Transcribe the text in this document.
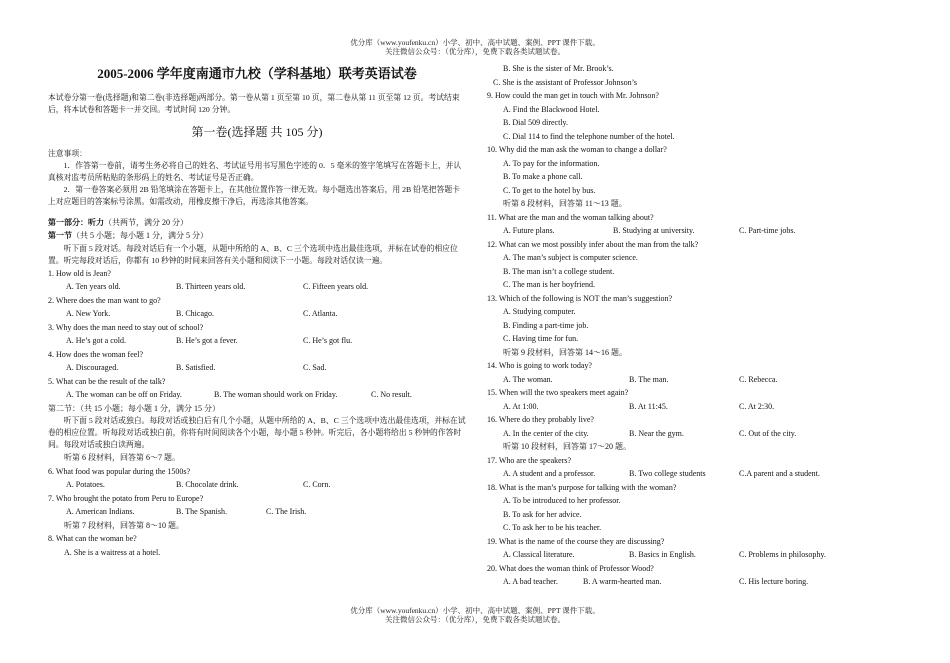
优分库（www.youfenku.cn）小学、初中、高中试题、案例、PPT 课件下载。
关注微信公众号：（优分库），免费下载各类试题试卷。
2005-2006 学年度南通市九校（学科基地）联考英语试卷

本试卷分第一卷(选择题)和第二卷(非选择题)两部分。第一卷从第 1 页至第 10 页，第二卷从第 11 页至第 12 页。考试结束后，将本试卷和答题卡一并交回。考试时间 120 分钟。

第一卷(选择题 共 105 分)
注意事项：

1．作答第一卷前，请考生务必将自己的姓名、考试证号用书写黑色字迹的 0．5 毫米的签字笔填写在答题卡上，并认真核对监考员所粘贴的条形码上的姓名、考试证号是否正确。

2．第一卷答案必须用 2B 铅笔填涂在答题卡上，在其他位置作答一律无效。每小题选出答案后，用 2B 铅笔把答题卡上对应题目的答案标号涂黑。如需改动，用橡皮擦干净后，再选涂其他答案。

第一部分：听力（共两节，满分 20 分）
第一节（共 5 小题；每小题 1 分，满分 5 分）

听下面 5 段对话。每段对话后有一个小题，从题中所给的 A、B、C 三个选项中选出最佳选项，并标在试卷的相应位置。听完每段对话后，你都有 10 秒钟的时间来回答有关小题和阅读下一小题。每段对话仅读一遍。

1. How old is Jean?
A. Ten years old.	B. Thirteen years old.	C. Fifteen years old.
2. Where does the man want to go?
A. New York.	B. Chicago.	C. Atlanta.
3. Why does the man need to stay out of school?
A. He’s got a cold.	B. He’s got a fever.	C. He’s got flu.
4. How does the woman feel?
A. Discouraged.	B. Satisfied.	C. Sad.
5. What can be the result of the talk?
A. The woman can be off on Friday.	B. The woman should work on Friday.	C. No result.
第二节：（共 15 小题；每小题 1 分，满分 15 分）

听下面 5 段对话或独白。每段对话或独白后有几个小题，从题中所给的 A、B、C 三个选项中选出最佳选项，并标在试卷的相应位置。听每段对话或独白前，你将有时间阅读各个小题，每小题 5 秒钟。听完后，各小题将给出 5 秒钟的作答时间。每段对话或独白读两遍。

听第 6 段材料，回答第 6～7 题。
6. What food was popular during the 1500s?
A. Potatoes.	B. Chocolate drink.	C. Corn.
7. Who brought the potato from Peru to Europe?
A. American Indians.	B. The Spanish.	C. The Irish.
听第 7 段材料，回答第 8～10 题。
8. What can the woman be?
A. She is a waitress at a hotel.
B. She is the sister of Mr. Brook’s.
C. She is the assistant of Professor Johnson’s
9. How could the man get in touch with Mr. Johnson?
A. Find the Blackwood Hotel.
B. Dial 509 directly.
C. Dial 114 to find the telephone number of the hotel.
10. Why did the man ask the woman to change a dollar?
A. To pay for the information.
B. To make a phone call.
C. To get to the hotel by bus.
听第 8 段材料，回答第 11～13 题。
11. What are the man and the woman talking about?
A. Future plans.	B. Studying at university.	C. Part-time jobs.
12. What can we most possibly infer about the man from the talk?
A. The man’s subject is computer science.
B. The man isn’t a college student.
C. The man is her boyfriend.
13. Which of the following is NOT the man’s suggestion?
A. Studying computer.
B. Finding a part-time job.
C. Having time for fun.
听第 9 段材料，回答第 14～16 题。
14. Who is going to work today?
A. The woman.	B. The man.	C. Rebecca.
15. When will the two speakers meet again?
A. At 1:00.	B. At 11:45.	C. At 2:30.
16. Where do they probably live?
A. In the center of the city.	B. Near the gym.	C. Out of the city.
听第 10 段材料，回答第 17～20 题。
17. Who are the speakers?
A. A student and a professor.	B. Two college students	C.A parent and a student.
18. What is the man’s purpose for talking with the woman?
A. To be introduced to her professor.
B. To ask for her advice.
C. To ask her to be his teacher.
19. What is the name of the course they are discussing?
A. Classical literature.	B. Basics in English.	C. Problems in philosophy.
20. What does the woman think of Professor Wood?
A. A bad teacher.	B. A warm-hearted man.	C. His lecture boring.
优分库（www.youfenku.cn）小学、初中、高中试题、案例、PPT 课件下载。
关注微信公众号：（优分库），免费下载各类试题试卷。
